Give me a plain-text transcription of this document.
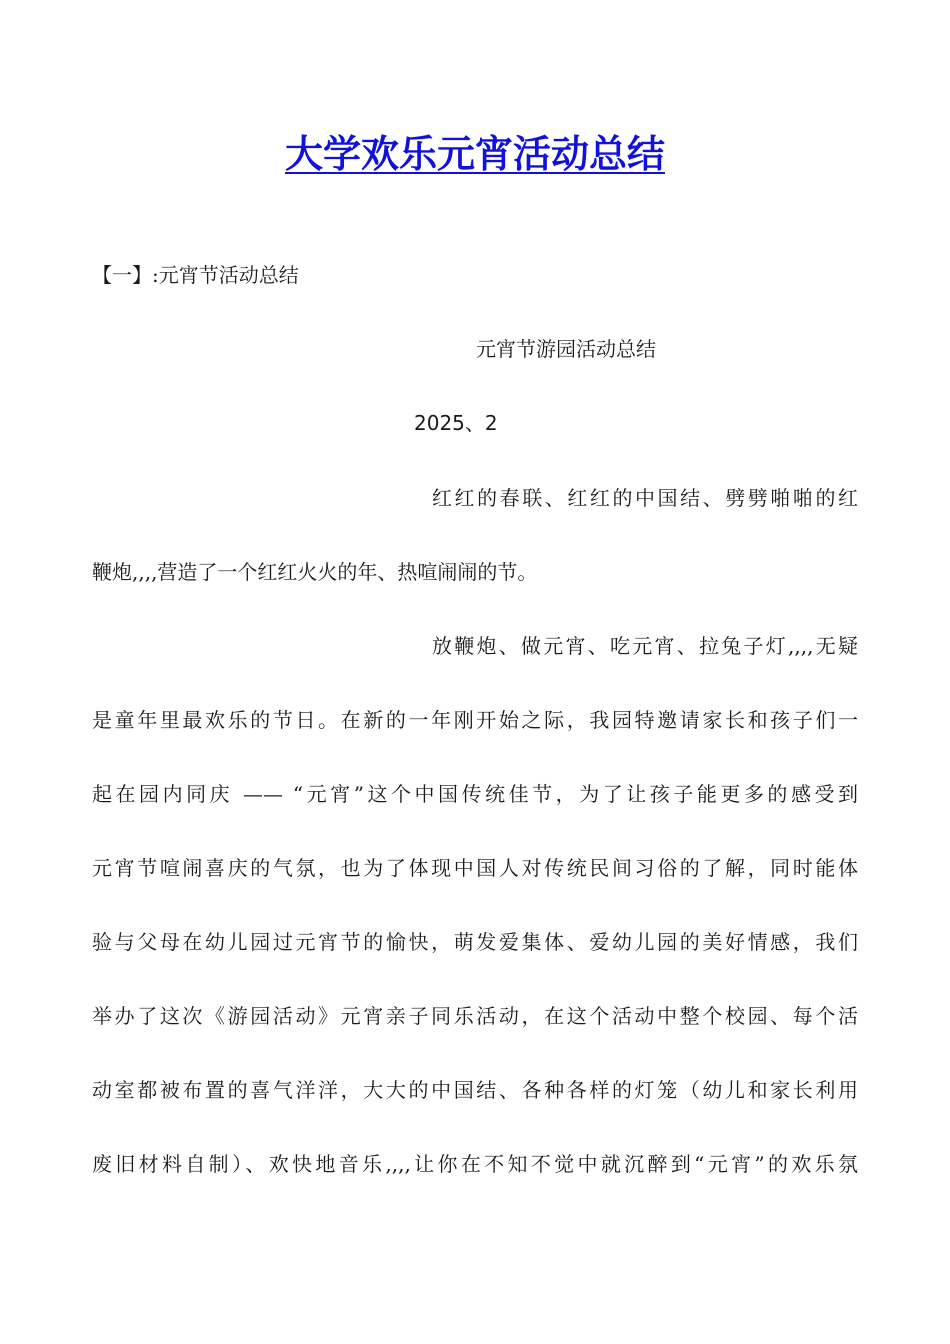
大学欢乐元宵活动总结

【一】:元宵节活动总结

元宵节游园活动总结

2025、2

红红的春联、红红的中国结、劈劈啪啪的红
鞭炮,,,,营造了一个红红火火的年、热喧闹闹的节。
放鞭炮、做元宵、吃元宵、拉兔子灯,,,,无疑
是童年里最欢乐的节日。在新的一年刚开始之际，我园特邀请家长和孩子们一
起在园内同庆 —— “元宵”这个中国传统佳节，为了让孩子能更多的感受到
元宵节喧闹喜庆的气氛，也为了体现中国人对传统民间习俗的了解，同时能体
验与父母在幼儿园过元宵节的愉快，萌发爱集体、爱幼儿园的美好情感，我们
举办了这次《游园活动》元宵亲子同乐活动，在这个活动中整个校园、每个活
动室都被布置的喜气洋洋，大大的中国结、各种各样的灯笼（幼儿和家长利用
废旧材料自制）、欢快地音乐,,,,让你在不知不觉中就沉醉到“元宵”的欢乐氛
